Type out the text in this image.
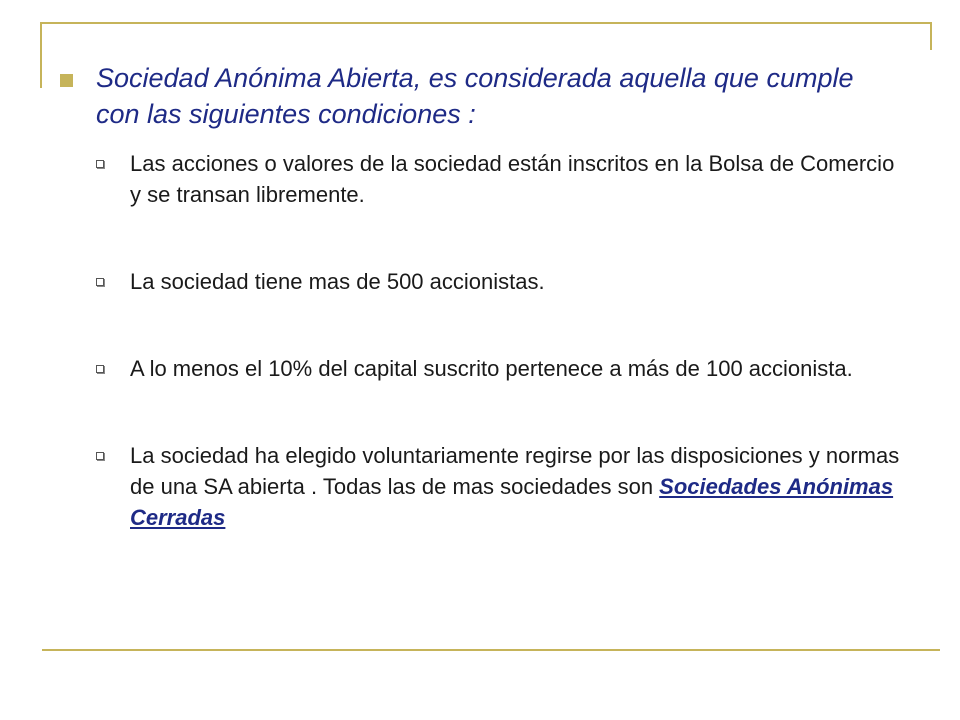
Sociedad Anónima Abierta, es considerada aquella que cumple con las siguientes condiciones :
Las acciones o valores de la sociedad están inscritos en la Bolsa de Comercio y se transan libremente.
La sociedad tiene mas de 500 accionistas.
A lo menos el 10% del capital suscrito pertenece a más de 100 accionista.
La sociedad ha elegido voluntariamente regirse por las disposiciones y normas de una SA abierta . Todas las de mas sociedades son Sociedades Anónimas Cerradas
